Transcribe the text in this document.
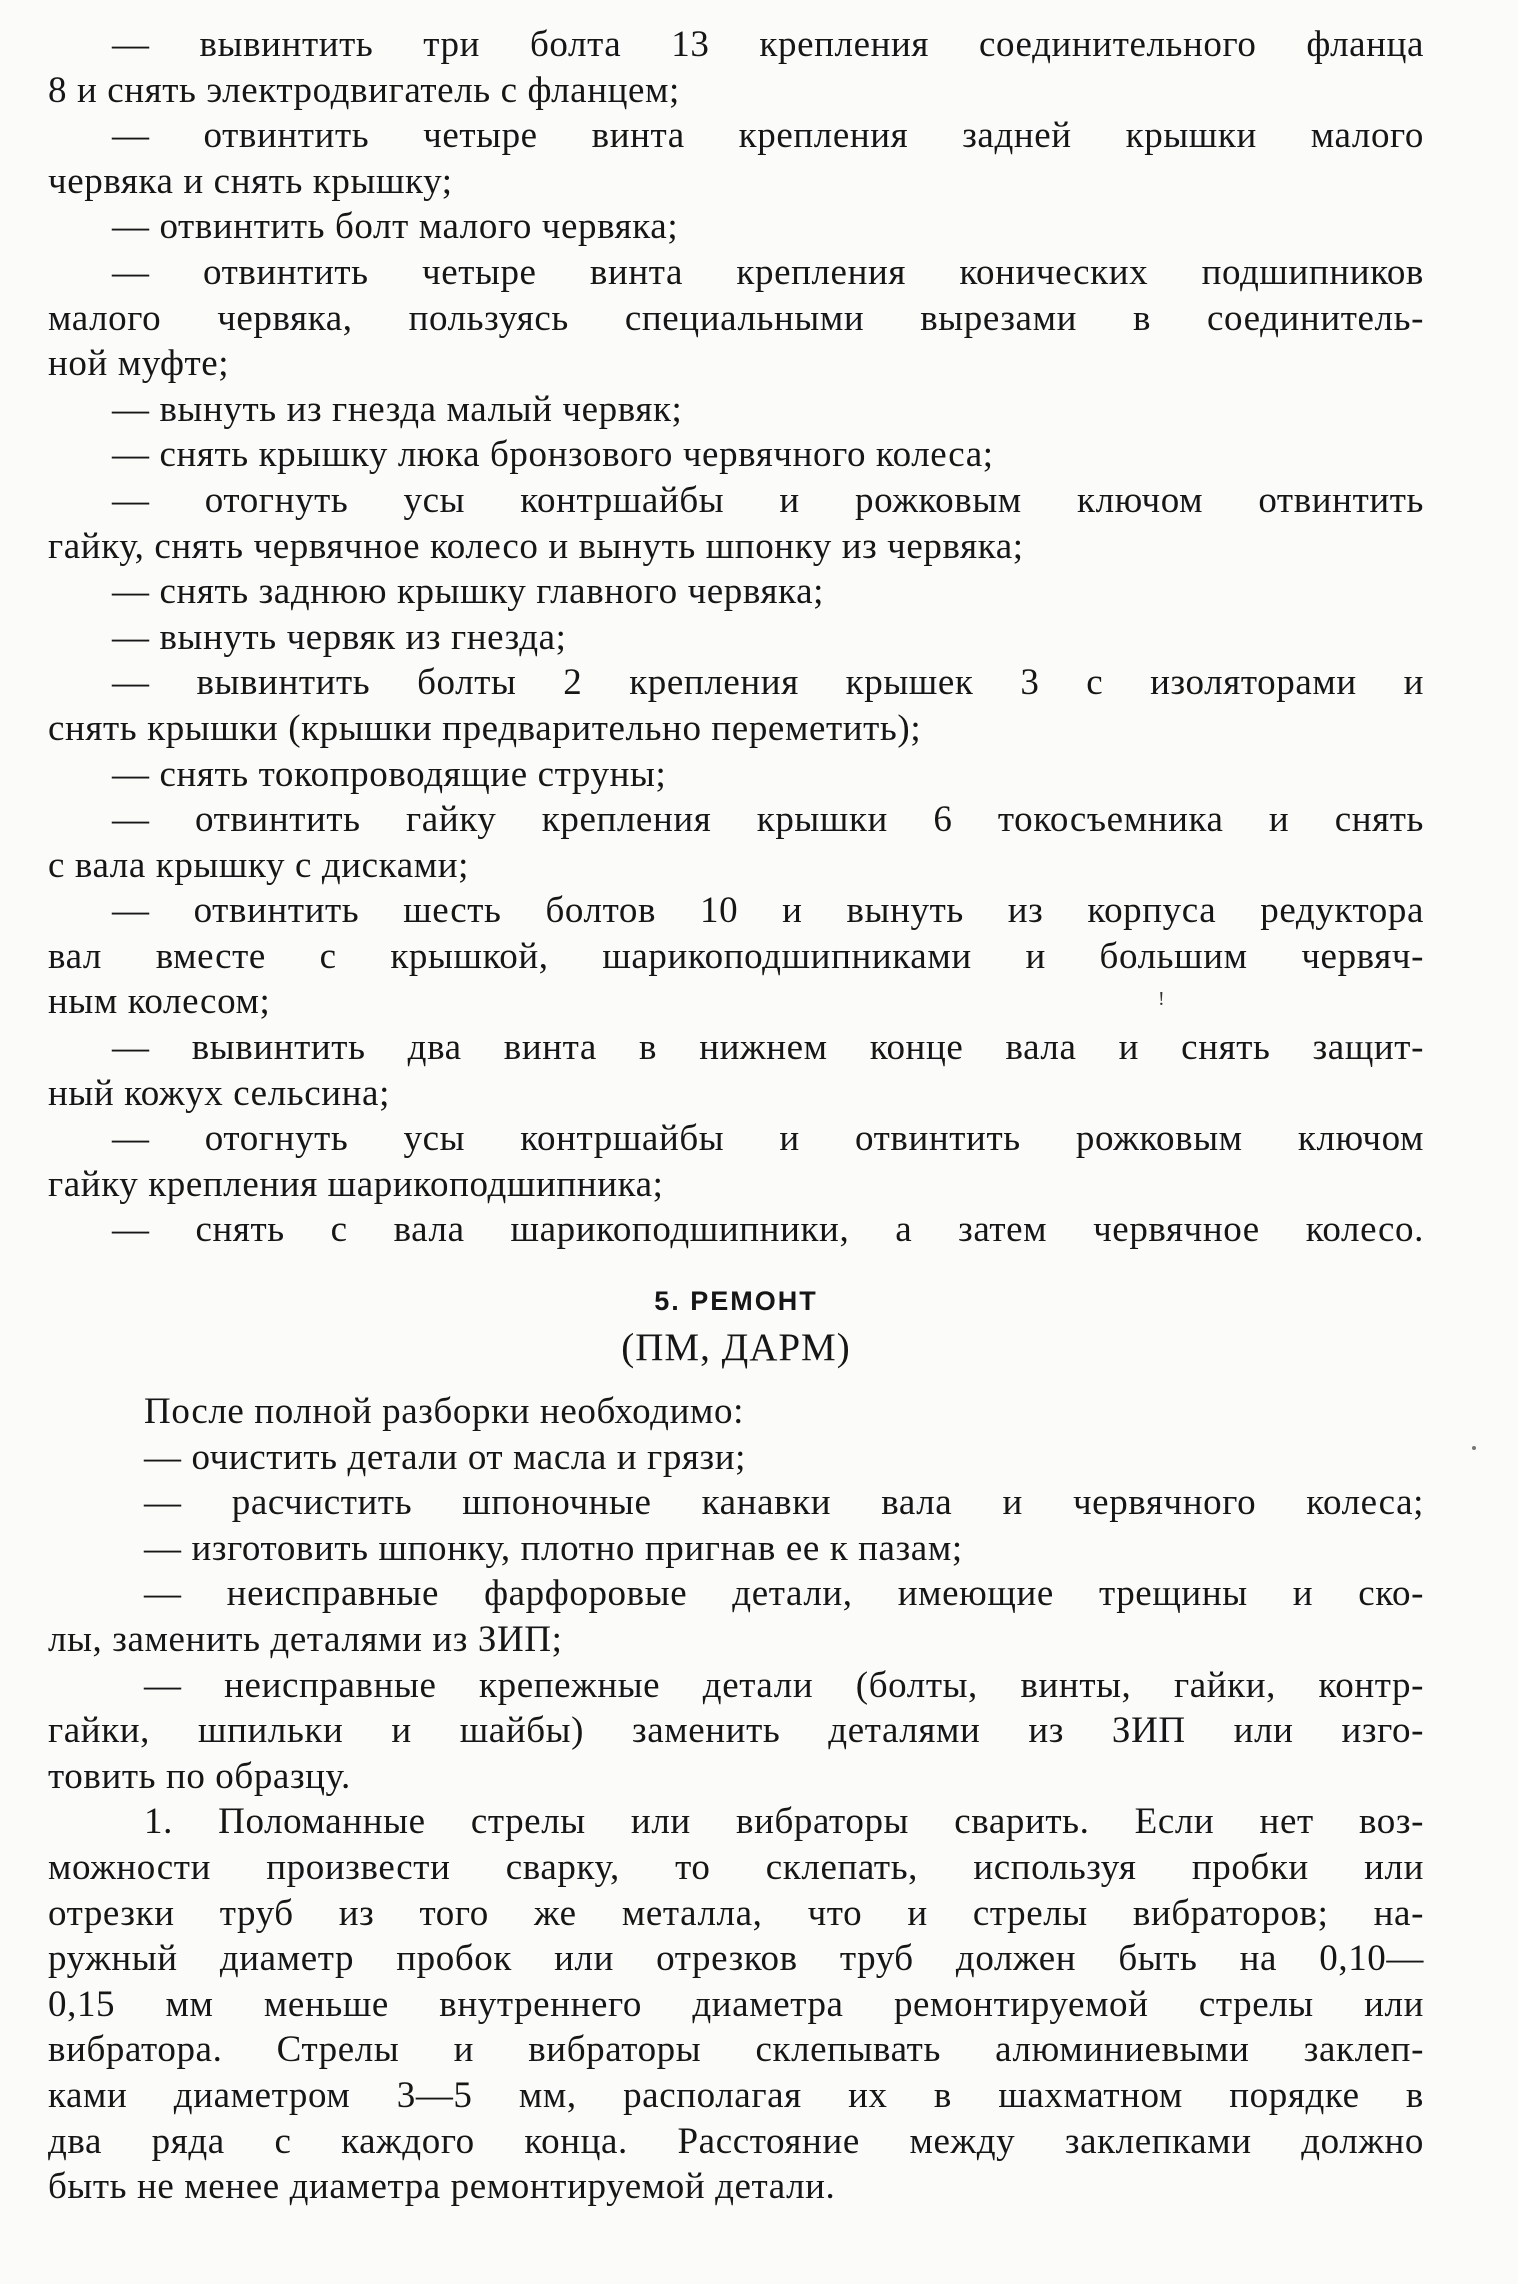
— вывинтить три болта 13 крепления соединительного фланца
8 и снять электродвигатель с фланцем;
— отвинтить четыре винта крепления задней крышки малого
червяка и снять крышку;
— отвинтить болт малого червяка;
— отвинтить четыре винта крепления конических подшипников
малого червяка, пользуясь специальными вырезами в соединитель-
ной муфте;
— вынуть из гнезда малый червяк;
— снять крышку люка бронзового червячного колеса;
— отогнуть усы контршайбы и рожковым ключом отвинтить
гайку, снять червячное колесо и вынуть шпонку из червяка;
— снять заднюю крышку главного червяка;
— вынуть червяк из гнезда;
— вывинтить болты 2 крепления крышек 3 с изоляторами и
снять крышки (крышки предварительно переметить);
— снять токопроводящие струны;
— отвинтить гайку крепления крышки 6 токосъемника и снять
с вала крышку с дисками;
— отвинтить шесть болтов 10 и вынуть из корпуса редуктора
вал вместе с крышкой, шарикоподшипниками и большим червяч-
ным колесом;
— вывинтить два винта в нижнем конце вала и снять защит-
ный кожух сельсина;
— отогнуть усы контршайбы и отвинтить рожковым ключом
гайку крепления шарикоподшипника;
— снять с вала шарикоподшипники, а затем червячное колесо.
5. РЕМОНТ
(ПМ, ДАРМ)
После полной разборки необходимо:
— очистить детали от масла и грязи;
— расчистить шпоночные канавки вала и червячного колеса;
— изготовить шпонку, плотно пригнав ее к пазам;
— неисправные фарфоровые детали, имеющие трещины и ско-
лы, заменить деталями из ЗИП;
— неисправные крепежные детали (болты, винты, гайки, контр-
гайки, шпильки и шайбы) заменить деталями из ЗИП или изго-
товить по образцу.
1. Поломанные стрелы или вибраторы сварить. Если нет воз-
можности произвести сварку, то склепать, используя пробки или
отрезки труб из того же металла, что и стрелы вибраторов; на-
ружный диаметр пробок или отрезков труб должен быть на 0,10—
0,15 мм меньше внутреннего диаметра ремонтируемой стрелы или
вибратора. Стрелы и вибраторы склепывать алюминиевыми заклеп-
ками диаметром 3—5 мм, располагая их в шахматном порядке в
два ряда с каждого конца. Расстояние между заклепками должно
быть не менее диаметра ремонтируемой детали.
!
